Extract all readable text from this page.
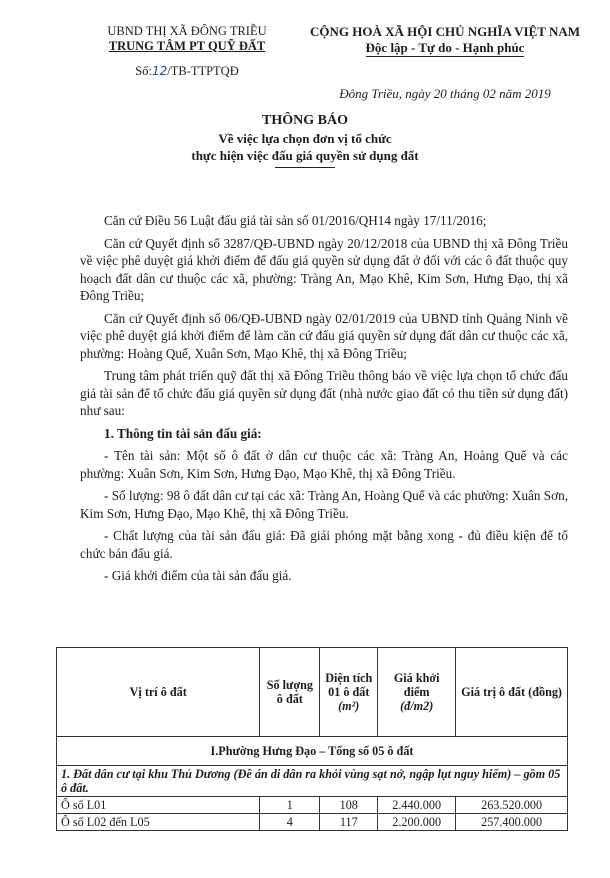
UBND THỊ XÃ ĐÔNG TRIỀU
TRUNG TÂM PT QUỸ ĐẤT
Số:12/TB-TTPTQĐ
CỘNG HOÀ XÃ HỘI CHỦ NGHĨA VIỆT NAM
Độc lập - Tự do - Hạnh phúc
Đông Triều, ngày 20 tháng 02 năm 2019
THÔNG BÁO
Về việc lựa chọn đơn vị tổ chức
thực hiện việc đấu giá quyền sử dụng đất

Căn cứ Điều 56 Luật đấu giá tài sản số 01/2016/QH14 ngày 17/11/2016;

Căn cứ Quyết định số 3287/QĐ-UBND ngày 20/12/2018 của UBND thị xã Đông Triều về việc phê duyệt giá khởi điểm để đấu giá quyền sử dụng đất ở đối với các ô đất thuộc quy hoạch đất dân cư thuộc các xã, phường: Tràng An, Mạo Khê, Kim Sơn, Hưng Đạo, thị xã Đông Triều;

Căn cứ Quyết định số 06/QĐ-UBND ngày 02/01/2019 của UBND tỉnh Quảng Ninh về việc phê duyệt giá khởi điểm để làm căn cứ đấu giá quyền sử dụng đất dân cư thuộc các xã, phường: Hoàng Quế, Xuân Sơn, Mạo Khê, thị xã Đông Triều;

Trung tâm phát triển quỹ đất thị xã Đông Triều thông báo về việc lựa chọn tổ chức đấu giá tài sản để tổ chức đấu giá quyền sử dụng đất (nhà nước giao đất có thu tiền sử dụng đất) như sau:

1. Thông tin tài sản đấu giá:

- Tên tài sản: Một số ô đất ở dân cư thuộc các xã: Tràng An, Hoàng Quế và các phường: Xuân Sơn, Kim Sơn, Hưng Đạo, Mạo Khê, thị xã Đông Triều.

- Số lượng: 98 ô đất dân cư tại các xã: Tràng An, Hoàng Quế và các phường: Xuân Sơn, Kim Sơn, Hưng Đạo, Mạo Khê, thị xã Đông Triều.

- Chất lượng của tài sản đấu giá: Đã giải phóng mặt bằng xong - đủ điều kiện để tổ chức bán đấu giá.

- Giá khởi điểm của tài sản đấu giá.

Vị trí ô đất	Số lượng ô đất	Diện tích 01 ô đất
(m²)	Giá khởi điểm
(đ/m2)	Giá trị ô đất (đồng)
I.Phường Hưng Đạo – Tổng số 05 ô đất				
1. Đất dân cư tại khu Thủ Dương (Đề án di dân ra khỏi vùng sạt nở, ngập lụt nguy hiểm) – gồm 05 ô đất.				
Ô số L01	1	108	2.440.000	263.520.000
Ô số L02 đến L05	4	117	2.200.000	257.400.000
